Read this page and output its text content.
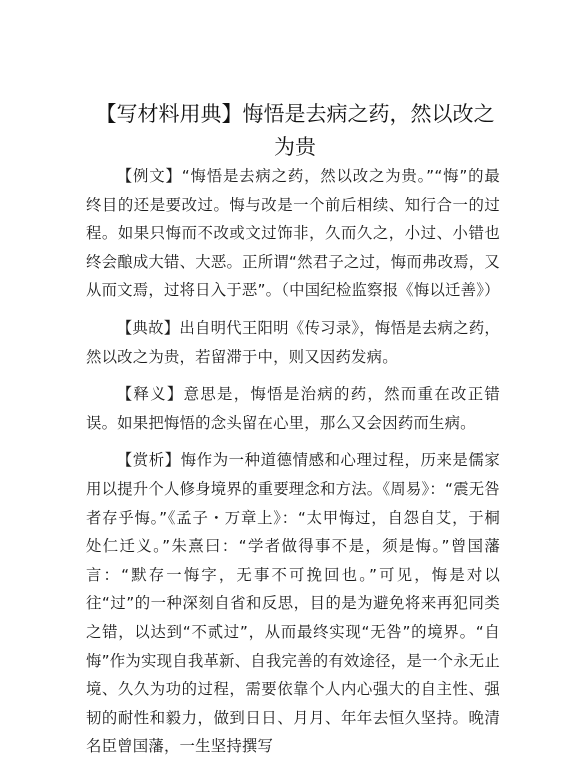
【写材料用典】悔悟是去病之药，然以改之为贵

【例文】“悔悟是去病之药，然以改之为贵。”“悔”的最终目的还是要改过。悔与改是一个前后相续、知行合一的过程。如果只悔而不改或文过饰非，久而久之，小过、小错也终会酿成大错、大恶。正所谓“然君子之过，悔而弗改焉，又从而文焉，过将日入于恶”。（中国纪检监察报《悔以迁善》）

【典故】出自明代王阳明《传习录》，悔悟是去病之药，然以改之为贵，若留滞于中，则又因药发病。

【释义】意思是，悔悟是治病的药，然而重在改正错误。如果把悔悟的念头留在心里，那么又会因药而生病。

【赏析】悔作为一种道德情感和心理过程，历来是儒家用以提升个人修身境界的重要理念和方法。《周易》：“震无咎者存乎悔。”《孟子・万章上》：“太甲悔过，自怨自艾，于桐处仁迁义。”朱熹曰：“学者做得事不是，须是悔。”曾国藩言：“默存一悔字，无事不可挽回也。”可见，悔是对以往“过”的一种深刻自省和反思，目的是为避免将来再犯同类之错，以达到“不贰过”，从而最终实现“无咎”的境界。“自悔”作为实现自我革新、自我完善的有效途径，是一个永无止境、久久为功的过程，需要依靠个人内心强大的自主性、强韧的耐性和毅力，做到日日、月月、年年去恒久坚持。晚清名臣曾国藩，一生坚持撰写
